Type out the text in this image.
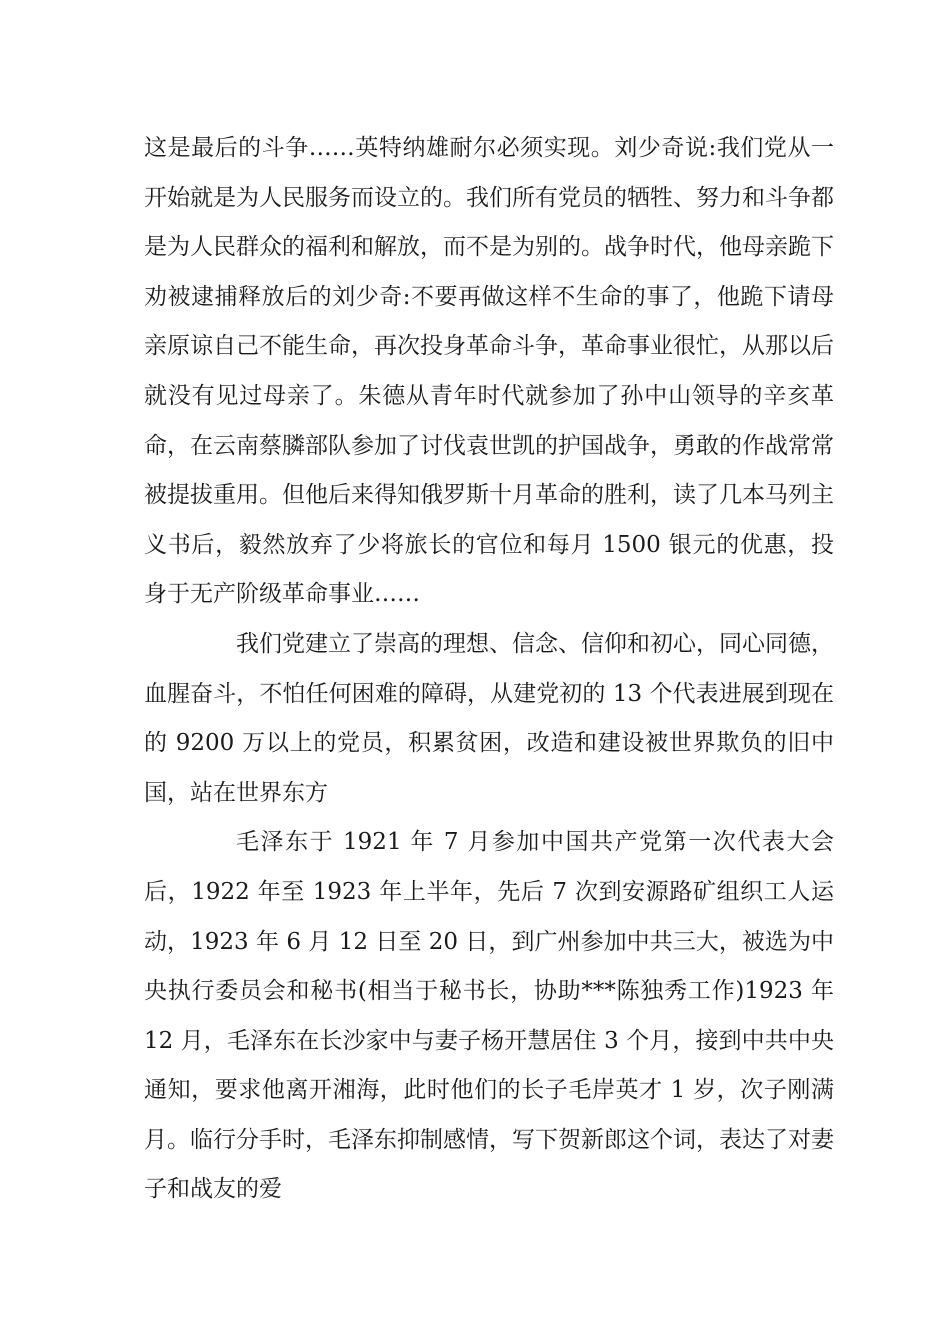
这是最后的斗争……英特纳雄耐尔必须实现。刘少奇说:我们党从一开始就是为人民服务而设立的。我们所有党员的牺牲、努力和斗争都是为人民群众的福利和解放，而不是为别的。战争时代，他母亲跪下劝被逮捕释放后的刘少奇:不要再做这样不生命的事了，他跪下请母亲原谅自己不能生命，再次投身革命斗争，革命事业很忙，从那以后就没有见过母亲了。朱德从青年时代就参加了孙中山领导的辛亥革命，在云南蔡膦部队参加了讨伐袁世凯的护国战争，勇敢的作战常常被提拔重用。但他后来得知俄罗斯十月革命的胜利，读了几本马列主义书后，毅然放弃了少将旅长的官位和每月 1500 银元的优惠，投身于无产阶级革命事业……

我们党建立了崇高的理想、信念、信仰和初心，同心同德，血腥奋斗，不怕任何困难的障碍，从建党初的 13 个代表进展到现在的 9200 万以上的党员，积累贫困，改造和建设被世界欺负的旧中国，站在世界东方

毛泽东于 1921 年 7 月参加中国共产党第一次代表大会后，1922 年至 1923 年上半年，先后 7 次到安源路矿组织工人运动，1923 年 6 月 12 日至 20 日，到广州参加中共三大，被选为中央执行委员会和秘书(相当于秘书长，协助***陈独秀工作)1923 年 12 月，毛泽东在长沙家中与妻子杨开慧居住 3 个月，接到中共中央通知，要求他离开湘海，此时他们的长子毛岸英才 1 岁，次子刚满月。临行分手时，毛泽东抑制感情，写下贺新郎这个词，表达了对妻子和战友的爱
